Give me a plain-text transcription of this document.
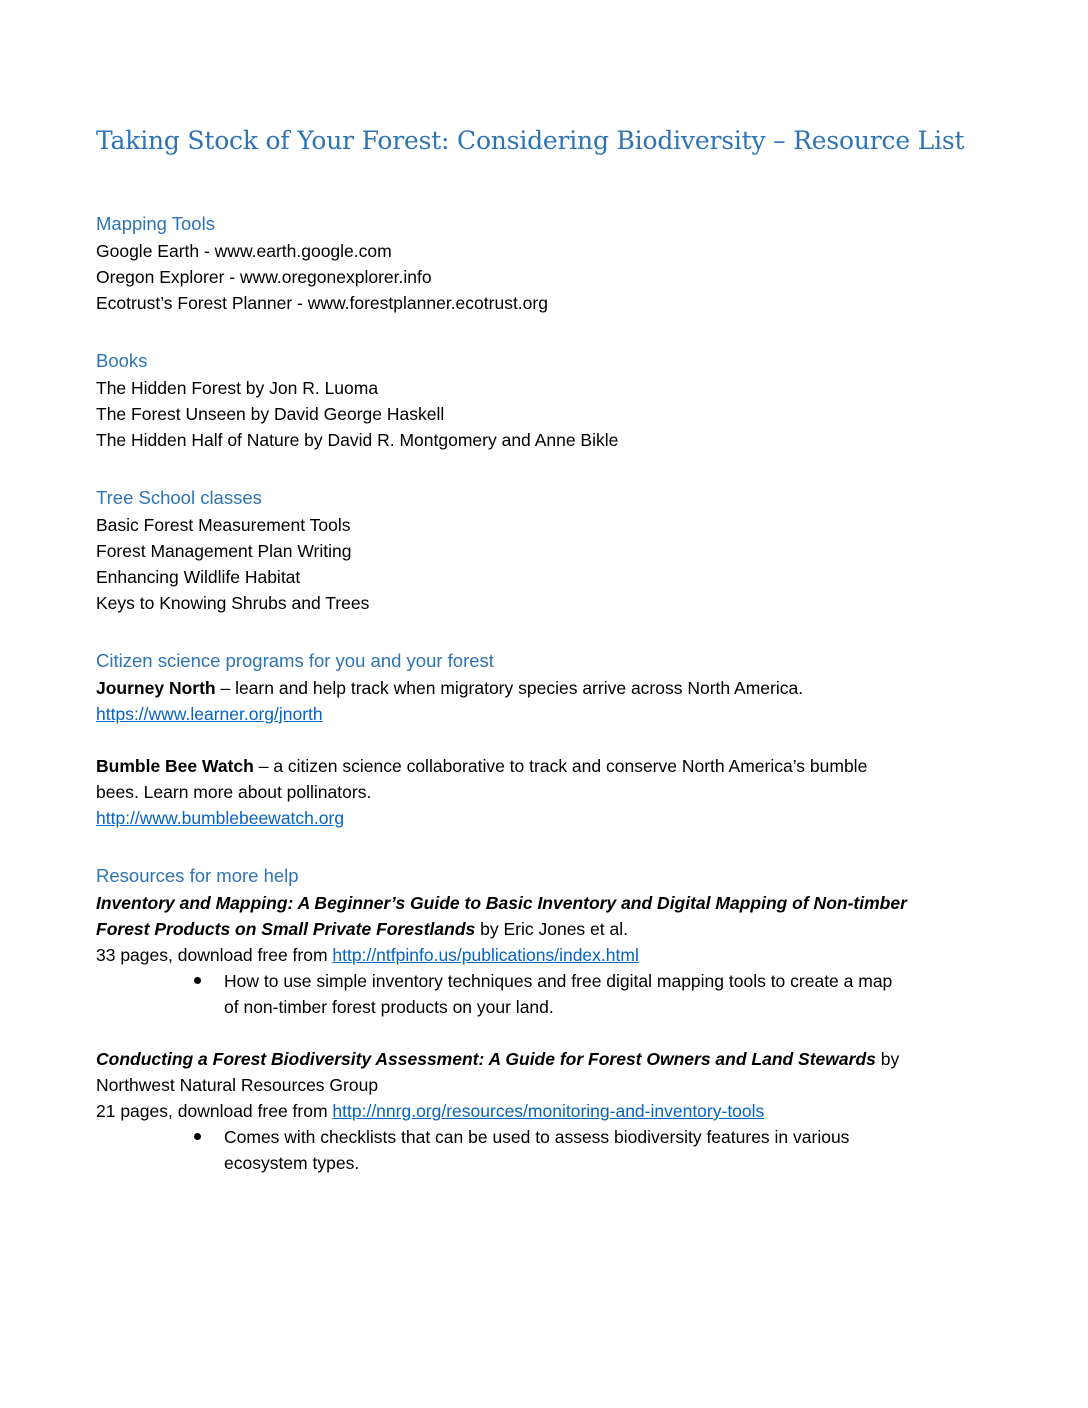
Taking Stock of Your Forest: Considering Biodiversity – Resource List
Mapping Tools

Google Earth - www.earth.google.com

Oregon Explorer - www.oregonexplorer.info

Ecotrust’s Forest Planner - www.forestplanner.ecotrust.org

Books

The Hidden Forest by Jon R. Luoma

The Forest Unseen by David George Haskell

The Hidden Half of Nature by David R. Montgomery and Anne Bikle

Tree School classes

Basic Forest Measurement Tools

Forest Management Plan Writing

Enhancing Wildlife Habitat

Keys to Knowing Shrubs and Trees

Citizen science programs for you and your forest

Journey North – learn and help track when migratory species arrive across North America.

https://www.learner.org/jnorth

Bumble Bee Watch – a citizen science collaborative to track and conserve North America’s bumble

bees. Learn more about pollinators.

http://www.bumblebeewatch.org

Resources for more help

Inventory and Mapping: A Beginner’s Guide to Basic Inventory and Digital Mapping of Non-timber

Forest Products on Small Private Forestlands by Eric Jones et al.

33 pages, download free from http://ntfpinfo.us/publications/index.html

How to use simple inventory techniques and free digital mapping tools to create a map
of non-timber forest products on your land.

Conducting a Forest Biodiversity Assessment: A Guide for Forest Owners and Land Stewards by

Northwest Natural Resources Group

21 pages, download free from http://nnrg.org/resources/monitoring-and-inventory-tools

Comes with checklists that can be used to assess biodiversity features in various
ecosystem types.
